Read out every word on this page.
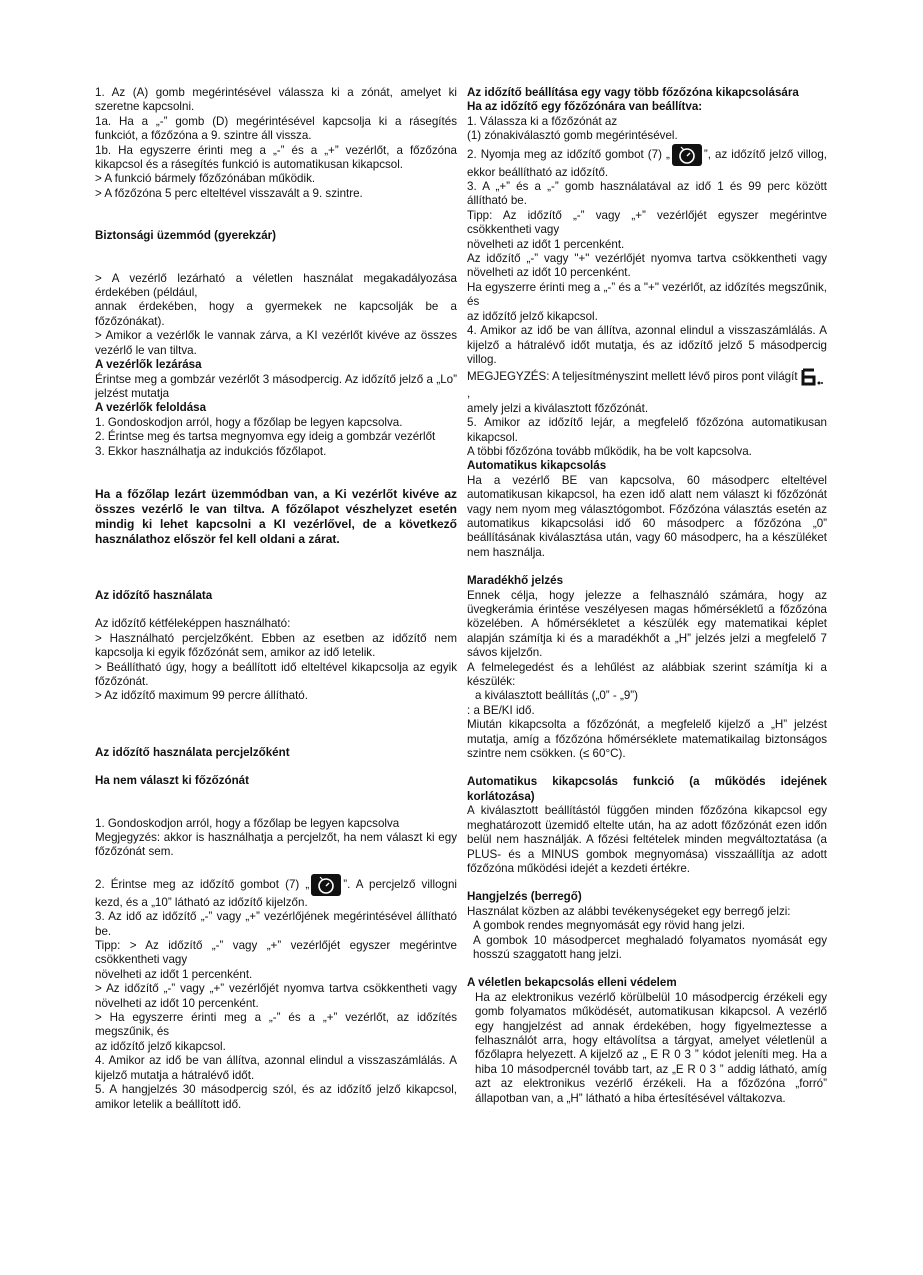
1. Az (A) gomb megérintésével válassza ki a zónát, amelyet ki szeretne kapcsolni.

1a. Ha a „-” gomb (D) megérintésével kapcsolja ki a rásegítés funkciót, a főzőzóna a 9. szintre áll vissza.

1b. Ha egyszerre érinti meg a „-” és a „+” vezérlőt, a főzőzóna kikapcsol és a rásegítés funkció is automatikusan kikapcsol.

> A funkció bármely főzőzónában működik.

> A főzőzóna 5 perc elteltével visszavált a 9. szintre.

Biztonsági üzemmód (gyerekzár)

> A vezérlő lezárható a véletlen használat megakadályozása érdekében (például,

annak érdekében, hogy a gyermekek ne kapcsolják be a főzőzónákat).

> Amikor a vezérlők le vannak zárva, a KI vezérlőt kivéve az összes vezérlő le van tiltva.

A vezérlők lezárása

Érintse meg a gombzár vezérlőt 3 másodpercig. Az időzítő jelző a „Lo” jelzést mutatja

A vezérlők feloldása

1. Gondoskodjon arról, hogy a főzőlap be legyen kapcsolva.

2. Érintse meg és tartsa megnyomva egy ideig a gombzár vezérlőt

3. Ekkor használhatja az indukciós főzőlapot.

Ha a főzőlap lezárt üzemmódban van, a Ki vezérlőt kivéve az összes vezérlő le van tiltva. A főzőlapot vészhelyzet esetén mindig ki lehet kapcsolni a KI vezérlővel, de a következő használathoz először fel kell oldani a zárat.

Az időzítő használata

Az időzítő kétféleképpen használható:

> Használható percjelzőként. Ebben az esetben az időzítő nem kapcsolja ki egyik főzőzónát sem, amikor az idő letelik.

> Beállítható úgy, hogy a beállított idő elteltével kikapcsolja az egyik főzőzónát.

> Az időzítő maximum 99 percre állítható.

Az időzítő használata percjelzőként

Ha nem választ ki főzőzónát

1. Gondoskodjon arról, hogy a főzőlap be legyen kapcsolva

Megjegyzés: akkor is használhatja a percjelzőt, ha nem választ ki egy főzőzónát sem.

2. Érintse meg az időzítő gombot (7) „	”. A percjelző villogni kezd, és a „10” látható az időzítő kijelzőn.

3. Az idő az időzítő „-” vagy „+” vezérlőjének megérintésével állítható be.

Tipp: > Az időzítő „-” vagy „+” vezérlőjét egyszer megérintve csökkentheti vagy

növelheti az időt 1 percenként.

> Az időzítő „-” vagy „+” vezérlőjét nyomva tartva csökkentheti vagy növelheti az időt 10 percenként.

> Ha egyszerre érinti meg a „-” és a „+” vezérlőt, az időzítés megszűnik, és

az időzítő jelző kikapcsol.

4. Amikor az idő be van állítva, azonnal elindul a visszaszámlálás. A kijelző mutatja a hátralévő időt.

5. A hangjelzés 30 másodpercig szól, és az időzítő jelző kikapcsol, amikor letelik a beállított idő.

Az időzítő beállítása egy vagy több főzőzóna kikapcsolására

Ha az időzítő egy főzőzónára van beállítva:

1. Válassza ki a főzőzónát az

(1) zónakiválasztó gomb megérintésével.

2. Nyomja meg az időzítő gombot (7) „	”, az időzítő jelző villog, ekkor beállítható az időzítő.

3. A „+” és a „-” gomb használatával az idő 1 és 99 perc között állítható be.

Tipp: Az időzítő „-” vagy „+” vezérlőjét egyszer megérintve csökkentheti vagy

növelheti az időt 1 percenként.

Az időzítő „-” vagy "+" vezérlőjét nyomva tartva csökkentheti vagy növelheti az időt 10 percenként.

Ha egyszerre érinti meg a „-” és a "+" vezérlőt, az időzítés megszűnik, és

az időzítő jelző kikapcsol.

4. Amikor az idő be van állítva, azonnal elindul a visszaszámlálás. A kijelző a hátralévő időt mutatja, és az időzítő jelző 5 másodpercig villog.

MEGJEGYZÉS: A teljesítményszint mellett lévő piros pont világít

,

amely jelzi a kiválasztott főzőzónát.

5. Amikor az időzítő lejár, a megfelelő főzőzóna automatikusan kikapcsol.

A többi főzőzóna tovább működik, ha be volt kapcsolva.

Automatikus kikapcsolás

Ha a vezérlő BE van kapcsolva, 60 másodperc elteltével automatikusan kikapcsol, ha ezen idő alatt nem választ ki főzőzónát vagy nem nyom meg választógombot. Főzőzóna választás esetén az automatikus kikapcsolási idő 60 másodperc a főzőzóna „0” beállításának kiválasztása után, vagy 60 másodperc, ha a készüléket nem használja.

Maradékhő jelzés

Ennek célja, hogy jelezze a felhasználó számára, hogy az üvegkerámia érintése veszélyesen magas hőmérsékletű a főzőzóna közelében. A hőmérsékletet a készülék egy matematikai képlet alapján számítja ki és a maradékhőt a „H” jelzés jelzi a megfelelő 7 sávos kijelzőn.

A felmelegedést és a lehűlést az alábbiak szerint számítja ki a készülék:

a kiválasztott beállítás („0” - „9”)

: a BE/KI idő.

Miután kikapcsolta a főzőzónát, a megfelelő kijelző a „H” jelzést mutatja, amíg a főzőzóna hőmérséklete matematikailag biztonságos szintre nem csökken. (≤ 60°C).

Automatikus kikapcsolás funkció (a működés idejének korlátozása)

A kiválasztott beállítástól függően minden főzőzóna kikapcsol egy meghatározott üzemidő eltelte után, ha az adott főzőzónát ezen időn belül nem használják. A főzési feltételek minden megváltoztatása (a PLUS- és a MINUS gombok megnyomása) visszaállítja az adott főzőzóna működési idejét a kezdeti értékre.

Hangjelzés (berregő)

Használat közben az alábbi tevékenységeket egy berregő jelzi:

A gombok rendes megnyomását egy rövid hang jelzi.

A gombok 10 másodpercet meghaladó folyamatos nyomását egy hosszú szaggatott hang jelzi.

A véletlen bekapcsolás elleni védelem

Ha az elektronikus vezérlő körülbelül 10 másodpercig érzékeli egy gomb folyamatos működését, automatikusan kikapcsol. A vezérlő egy hangjelzést ad annak érdekében, hogy figyelmeztesse a felhasználót arra, hogy eltávolítsa a tárgyat, amelyet véletlenül a főzőlapra helyezett. A kijelző az „ E R 0 3 ” kódot jeleníti meg. Ha a hiba 10 másodpercnél tovább tart, az „E R 0 3 ” addig látható, amíg azt az elektronikus vezérlő érzékeli. Ha a főzőzóna „forró” állapotban van, a „H” látható a hiba értesítésével váltakozva.
